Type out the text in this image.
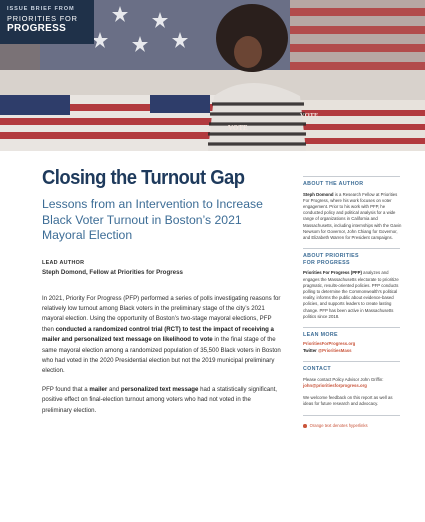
VOTE
VOTE
ISSUE BRIEF FROM
PRIORITIES FOR
PROGRESS
Closing the Turnout Gap
Lessons from an Intervention to Increase Black Voter Turnout in Boston’s 2021 Mayoral Election
LEAD AUTHOR
Steph Domond, Fellow at Priorities for Progress

In 2021, Priority For Progress (PFP) performed a series of polls investigating reasons for relatively low turnout among Black voters in the preliminary stage of the city’s 2021 mayoral election. Using the opportunity of Boston’s two-stage mayoral elections, PFP then conducted a randomized control trial (RCT) to test the impact of receiving a mailer and personalized text message on likelihood to vote in the final stage of the same mayoral election among a randomized population of 35,500 Black voters in Boston who had voted in the 2020 Presidential election but not the 2019 municipal preliminary election.

PFP found that a mailer and personalized text message had a statistically significant, positive effect on final-election turnout among voters who had not voted in the preliminary election.

ABOUT THE AUTHOR
Steph Domond is a Research Fellow at Priorities For Progress, where his work focuses on voter engagement. Prior to his work with PFP, he conducted policy and political analysis for a wide range of organizations in California and Massachusetts, including internships with the Gavin Newsom for Governor, John Chiang for Governor, and Elizabeth Warren for President campaigns.
ABOUT PRIORITIES
FOR PROGRESS
Priorities For Progress (PFP) analyzes and engages the Massachusetts electorate to prioritize pragmatic, results-oriented policies. PFP conducts polling to determine the Commonwealth’s political reality, informs the public about evidence-based policies, and supports leaders to create lasting change. PFP has been active in Massachusetts politics since 2018.
LEAN MORE
PrioritiesForProgress.org
Twitter @PrioritiesMass
CONTACT
Please contact Policy Advisor John Griffin:
john@prioritiesforprogress.org
We welcome feedback on this report as well as ideas for future research and advocacy.
Orange text denotes hyperlinks
